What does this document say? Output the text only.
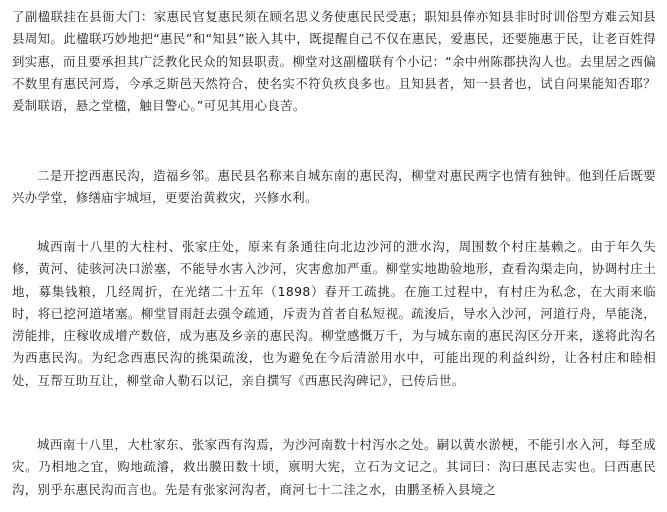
了副楹联挂在县衙大门：家惠民官复惠民须在顾名思义务使惠民民受惠；职知县俸亦知县非时时训俗型方难云知县县周知。此楹联巧妙地把“惠民”和“知县”嵌入其中，既提醒自己不仅在惠民，爱惠民，还要施惠于民，让老百姓得到实惠，而且要承担其广泛教化民众的知县职责。柳堂对这副楹联有个小记：“余中州陈郡抉沟人也。去里居之西偏不数里有惠民河焉，今承乏斯邑天然符合，使名实不符负疚良多也。且知县者，知一县者也，试自问果能知否耶？爰制联语，悬之堂楹，触目警心。”可见其用心良苦。

二是开挖西惠民沟，造福乡邻。惠民县名称来自城东南的惠民沟，柳堂对惠民两字也情有独钟。他到任后既要兴办学堂，修缮庙宇城垣，更要治黄救灾，兴修水利。

城西南十八里的大柱村、张家庄处，原来有条通往向北边沙河的泄水沟，周围数个村庄基赖之。由于年久失修，黄河、徒骇河决口淤塞，不能导水害入沙河，灾害愈加严重。柳堂实地勘验地形，查看沟渠走向，协调村庄土地，募集钱粮，几经周折，在光绪二十五年（1898）春开工疏挑。在施工过程中，有村庄为私念，在大雨来临时，将已挖河道堵塞。柳堂冒雨赶去强令疏通，斥责为首者自私短视。疏浚后，导水入沙河，河道行舟，旱能浇，涝能排，庄稼收成增产数倍，成为惠及乡亲的惠民沟。柳堂感慨万千，为与城东南的惠民沟区分开来，遂将此沟名为西惠民沟。为纪念西惠民沟的挑渠疏浚，也为避免在今后清淤用水中，可能出现的利益纠纷，让各村庄和睦相处，互帮互助互让，柳堂命人勒石以记，亲自撰写《西惠民沟碑记》，已传后世。

城西南十八里，大杜家东、张家西有沟焉，为沙河南数十村泻水之处。嗣以黄水淤梗，不能引水入河，每至成灾。乃相地之宜，购地疏濬，救出膜田数十顷，禀明大宪，立石为文记之。其词曰：沟曰惠民志实也。曰西惠民沟，别乎东惠民沟而言也。先是有张家河沟者，商河七十二洼之水，由鹏圣桥入县境之
